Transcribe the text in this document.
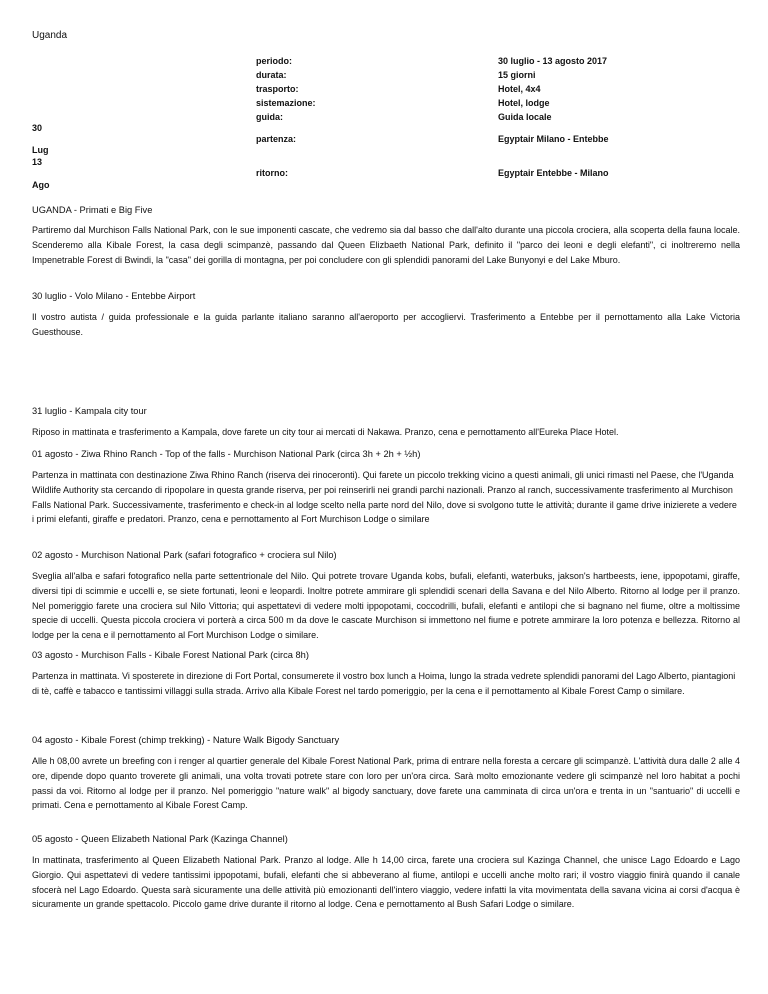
Uganda
periodo:
durata:
trasporto:
sistemazione:
guida:
partenza:
ritorno:
30 luglio - 13 agosto 2017
15 giorni
Hotel, 4x4
Hotel, lodge
Guida locale
Egyptair Milano - Entebbe
Egyptair Entebbe - Milano
30
Lug
13
Ago
UGANDA - Primati e Big Five

Partiremo dal Murchison Falls National Park, con le sue imponenti cascate, che vedremo sia dal basso che dall'alto durante una piccola crociera, alla scoperta della fauna locale. Scenderemo alla Kibale Forest, la casa degli scimpanzè, passando dal Queen Elizbaeth National Park, definito il "parco dei leoni e degli elefanti", ci inoltreremo nella Impenetrable Forest di Bwindi, la "casa" dei gorilla di montagna, per poi concludere con gli splendidi panorami del Lake Bunyonyi e del Lake Mburo.

30 luglio - Volo Milano - Entebbe Airport

Il vostro autista / guida professionale e la guida parlante italiano saranno all'aeroporto per accogliervi. Trasferimento a Entebbe per il pernottamento alla Lake Victoria Guesthouse.

31 luglio - Kampala city tour

Riposo in mattinata e trasferimento a Kampala, dove farete un city tour ai mercati di Nakawa. Pranzo, cena e pernottamento all'Eureka Place Hotel.

01 agosto - Ziwa Rhino Ranch - Top of the falls - Murchison National Park (circa 3h + 2h + ½h)

Partenza in mattinata con destinazione Ziwa Rhino Ranch (riserva dei rinoceronti). Qui farete un piccolo trekking vicino a questi animali, gli unici rimasti nel Paese, che l'Uganda Wildlife Authority sta cercando di ripopolare in questa grande riserva, per poi reinserirli nei grandi parchi nazionali. Pranzo al ranch, successivamente trasferimento al Murchison Falls National Park. Successivamente, trasferimento e check-in al lodge scelto nella parte nord del Nilo, dove si svolgono tutte le attività; durante il game drive inizierete a vedere i primi elefanti, giraffe e predatori. Pranzo, cena e pernottamento al Fort Murchison Lodge o similare

02 agosto - Murchison National Park (safari fotografico + crociera sul Nilo)

Sveglia all'alba e safari fotografico nella parte settentrionale del Nilo. Qui potrete trovare Uganda kobs, bufali, elefanti, waterbuks, jakson's hartbeests, iene, ippopotami, giraffe, diversi tipi di scimmie e uccelli e, se siete fortunati, leoni e leopardi. Inoltre potrete ammirare gli splendidi scenari della Savana e del Nilo Alberto. Ritorno al lodge per il pranzo. Nel pomeriggio farete una crociera sul Nilo Vittoria; qui aspettatevi di vedere molti ippopotami, coccodrilli, bufali, elefanti e antilopi che si bagnano nel fiume, oltre a moltissime specie di uccelli. Questa piccola crociera vi porterà a circa 500 m da dove le cascate Murchison si immettono nel fiume e potrete ammirare la loro potenza e bellezza. Ritorno al lodge per la cena e il pernottamento al Fort Murchison Lodge o similare.

03 agosto - Murchison Falls - Kibale Forest National Park (circa 8h)

Partenza in mattinata. Vi sposterete in direzione di Fort Portal, consumerete il vostro box lunch a Hoima, lungo la strada vedrete splendidi panorami del Lago Alberto, piantagioni di tè, caffè e tabacco e tantissimi villaggi sulla strada. Arrivo alla Kibale Forest nel tardo pomeriggio, per la cena e il pernottamento al Kibale Forest Camp o similare.

04 agosto - Kibale Forest (chimp trekking) - Nature Walk Bigody Sanctuary

Alle h 08,00 avrete un breefing con i renger al quartier generale del Kibale Forest National Park, prima di entrare nella foresta a cercare gli scimpanzè. L'attività dura dalle 2 alle 4 ore, dipende dopo quanto troverete gli animali, una volta trovati potrete stare con loro per un'ora circa. Sarà molto emozionante vedere gli scimpanzè nel loro habitat a pochi passi da voi. Ritorno al lodge per il pranzo. Nel pomeriggio "nature walk" al bigody sanctuary, dove farete una camminata di circa un'ora e trenta in un "santuario" di uccelli e primati. Cena e pernottamento al Kibale Forest Camp.

05 agosto - Queen Elizabeth National Park (Kazinga Channel)

In mattinata, trasferimento al Queen Elizabeth National Park. Pranzo al lodge. Alle h 14,00 circa, farete una crociera sul Kazinga Channel, che unisce Lago Edoardo e Lago Giorgio. Qui aspettatevi di vedere tantissimi ippopotami, bufali, elefanti che si abbeverano al fiume, antilopi e uccelli anche molto rari; il vostro viaggio finirà quando il canale sfocerà nel Lago Edoardo. Questa sarà sicuramente una delle attività più emozionanti dell'intero viaggio, vedere infatti la vita movimentata della savana vicina ai corsi d'acqua è sicuramente un grande spettacolo. Piccolo game drive durante il ritorno al lodge. Cena e pernottamento al Bush Safari Lodge o similare.
